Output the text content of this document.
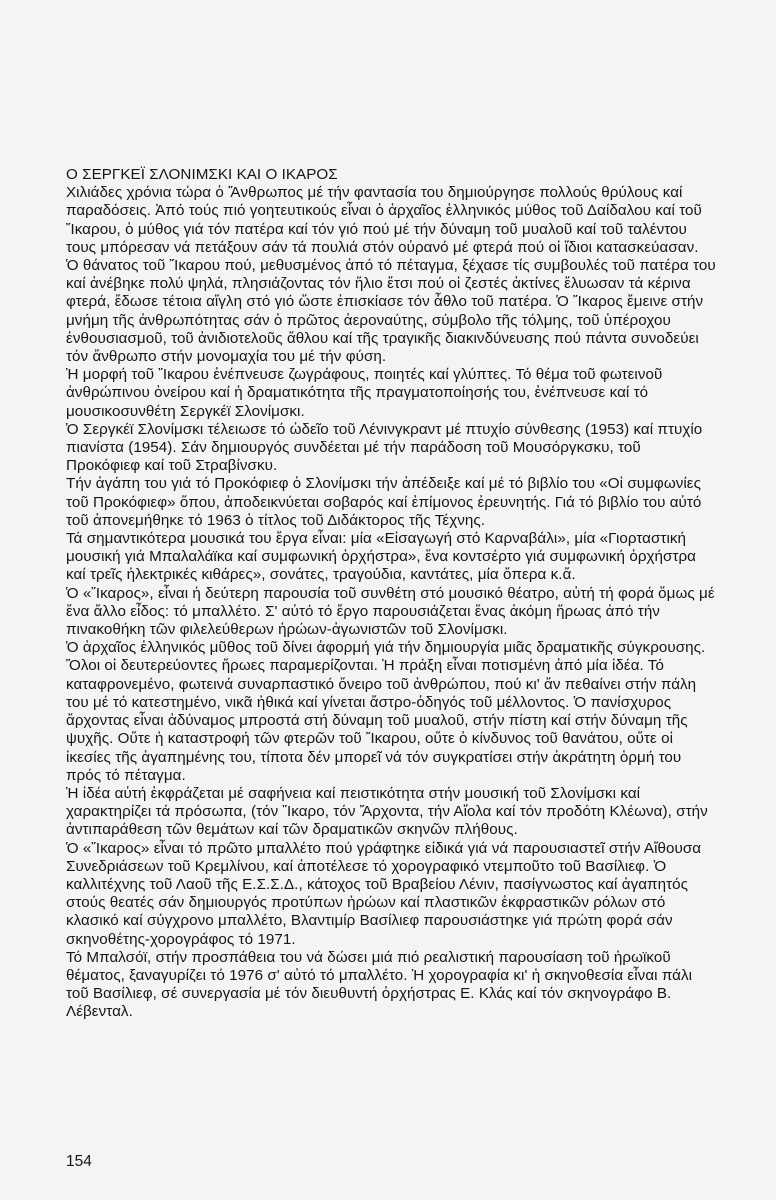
Ο ΣΕΡΓΚΕΪ ΣΛΟΝΙΜΣΚΙ ΚΑΙ Ο ΙΚΑΡΟΣ

Χιλιάδες χρόνια τώρα ὁ Ἄνθρωπος μέ τήν φαντασία του δημιούργησε πολλούς θρύλους καί παραδόσεις. Ἀπό τούς πιό γοητευτικούς εἶναι ὁ ἀρχαῖος ἑλληνικός μύθος τοῦ Δαίδαλου καί τοῦ Ἴκαρου, ὁ μύθος γιά τόν πατέρα καί τόν γιό πού μέ τήν δύναμη τοῦ μυαλοῦ καί τοῦ ταλέντου τους μπόρεσαν νά πετάξουν σάν τά πουλιά στόν οὐρανό μέ φτερά πού οἱ ἴδιοι κατασκεύασαν.

Ὁ θάνατος τοῦ Ἴκαρου πού, μεθυσμένος ἀπό τό πέταγμα, ξέχασε τίς συμβουλές τοῦ πατέρα του καί ἀνέβηκε πολύ ψηλά, πλησιάζοντας τόν ἥλιο ἔτσι πού οἱ ζεστές ἀκτίνες ἔλυωσαν τά κέρινα φτερά, ἔδωσε τέτοια αἴγλη στό γιό ὥστε ἐπισκίασε τόν ἆθλο τοῦ πατέρα. Ὁ Ἴκαρος ἔμεινε στήν μνήμη τῆς ἀνθρωπότητας σάν ὁ πρῶτος ἀεροναύτης, σύμβολο τῆς τόλμης, τοῦ ὑπέροχου ἐνθουσιασμοῦ, τοῦ ἀνιδιοτελοῦς ἄθλου καί τῆς τραγικῆς διακινδύνευσης πού πάντα συνοδεύει τόν ἄνθρωπο στήν μονομαχία του μέ τήν φύση.

Ἡ μορφή τοῦ Ἴκαρου ἐνέπνευσε ζωγράφους, ποιητές καί γλύπτες. Τό θέμα τοῦ φωτεινοῦ ἀνθρώπινου ὀνείρου καί ἡ δραματικότητα τῆς πραγματοποίησής του, ἐνέπνευσε καί τό μουσικοσυνθέτη Σεργκέϊ Σλονίμσκι.

Ὁ Σεργκέϊ Σλονίμσκι τέλειωσε τό ὠδεῖο τοῦ Λένινγκραντ μέ πτυχίο σύνθεσης (1953) καί πτυχίο πιανίστα (1954). Σάν δημιουργός συνδέεται μέ τήν παράδοση τοῦ Μουσόργκσκυ, τοῦ Προκόφιεφ καί τοῦ Στραβίνσκυ.

Τήν ἀγάπη του γιά τό Προκόφιεφ ὁ Σλονίμσκι τήν ἀπέδειξε καί μέ τό βιβλίο του «Οἱ συμφωνίες τοῦ Προκόφιεφ» ὅπου, ἀποδεικνύεται σοβαρός καί ἐπίμονος ἐρευνητής. Γιά τό βιβλίο του αὐτό τοῦ ἀπονεμήθηκε τό 1963 ὁ τίτλος τοῦ Διδάκτορος τῆς Τέχνης.

Τά σημαντικότερα μουσικά του ἔργα εἶναι: μία «Εἰσαγωγή στό Καρναβάλι», μία «Γιορταστική μουσική γιά Μπαλαλάϊκα καί συμφωνική ὀρχήστρα», ἕνα κοντσέρτο γιά συμφωνική ὀρχήστρα καί τρεῖς ἠλεκτρικές κιθάρες», σονάτες, τραγούδια, καντάτες, μία ὄπερα κ.ἄ.

Ὁ «Ἴκαρος», εἶναι ἡ δεύτερη παρουσία τοῦ συνθέτη στό μουσικό θέατρο, αὐτή τή φορά ὅμως μέ ἕνα ἄλλο εἶδος: τό μπαλλέτο. Σ' αὐτό τό ἔργο παρουσιάζεται ἕνας ἀκόμη ἥρωας ἀπό τήν πινακοθήκη τῶν φιλελεύθερων ἡρώων-ἀγωνιστῶν τοῦ Σλονίμσκι.

Ὁ ἀρχαῖος ἑλληνικός μῦθος τοῦ δίνει ἀφορμή γιά τήν δημιουργία μιᾶς δραματικῆς σύγκρουσης. Ὅλοι οἱ δευτερεύοντες ἥρωες παραμερίζονται. Ἡ πράξη εἶναι ποτισμένη ἀπό μία ἰδέα. Τό καταφρονεμένο, φωτεινά συναρπαστικό ὄνειρο τοῦ ἀνθρώπου, πού κι' ἄν πεθαίνει στήν πάλη του μέ τό κατεστημένο, νικᾶ ἠθικά καί γίνεται ἄστρο-ὁδηγός τοῦ μέλλοντος. Ὁ πανίσχυρος ἄρχοντας εἶναι ἀδύναμος μπροστά στή δύναμη τοῦ μυαλοῦ, στήν πίστη καί στήν δύναμη τῆς ψυχῆς. Οὔτε ἡ καταστροφή τῶν φτερῶν τοῦ Ἴκαρου, οὔτε ὁ κίνδυνος τοῦ θανάτου, οὔτε οἱ ἰκεσίες τῆς ἀγαπημένης του, τίποτα δέν μπορεῖ νά τόν συγκρατίσει στήν ἀκράτητη ὁρμή του πρός τό πέταγμα.

Ἡ ἰδέα αὐτή ἐκφράζεται μέ σαφήνεια καί πειστικότητα στήν μουσική τοῦ Σλονίμσκι καί χαρακτηρίζει τά πρόσωπα, (τόν Ἴκαρο, τόν Ἄρχοντα, τήν Αἴολα καί τόν προδότη Κλέωνα), στήν ἀντιπαράθεση τῶν θεμάτων καί τῶν δραματικῶν σκηνῶν πλήθους.

Ὁ «Ἴκαρος» εἶναι τό πρῶτο μπαλλέτο πού γράφτηκε εἰδικά γιά νά παρουσιαστεῖ στήν Αἴθουσα Συνεδριάσεων τοῦ Κρεμλίνου, καί ἀποτέλεσε τό χορογραφικό ντεμποῦτο τοῦ Βασίλιεφ. Ὁ καλλιτέχνης τοῦ Λαοῦ τῆς Ε.Σ.Σ.Δ., κάτοχος τοῦ Βραβείου Λένιν, πασίγνωστος καί ἀγαπητός στούς θεατές σάν δημιουργός προτύπων ἡρώων καί πλαστικῶν ἐκφραστικῶν ρόλων στό κλασικό καί σύγχρονο μπαλλέτο, Βλαντιμίρ Βασίλιεφ παρουσιάστηκε γιά πρώτη φορά σάν σκηνοθέτης-χορογράφος τό 1971.

Τό Μπαλσόϊ, στήν προσπάθεια του νά δώσει μιά πιό ρεαλιστική παρουσίαση τοῦ ἡρωϊκοῦ θέματος, ξαναγυρίζει τό 1976 σ' αὐτό τό μπαλλέτο. Ἡ χορογραφία κι' ἡ σκηνοθεσία εἶναι πάλι τοῦ Βασίλιεφ, σέ συνεργασία μέ τόν διευθυντή ὀρχήστρας Ε. Κλάς καί τόν σκηνογράφο Β. Λέβενταλ.

154
